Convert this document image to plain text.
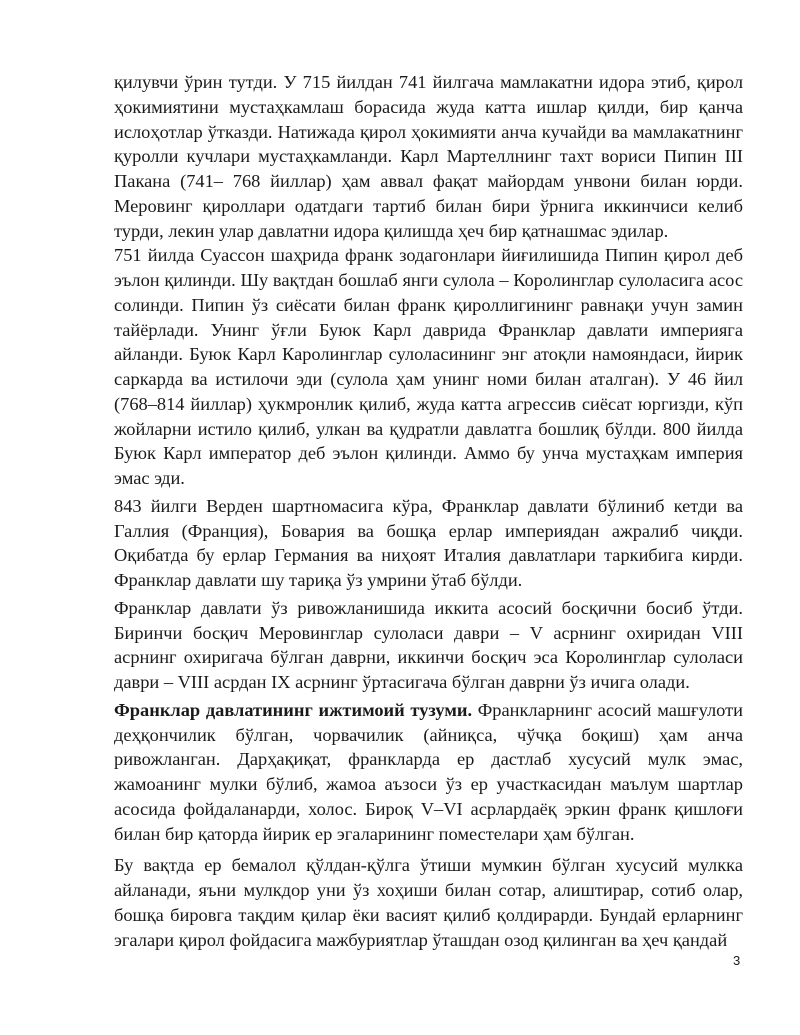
қилувчи ўрин тутди. У 715 йилдан 741 йилгача мамлакатни идора этиб, қирол ҳокимиятини мустаҳкамлаш борасида жуда катта ишлар қилди, бир қанча ислоҳотлар ўтказди. Натижада қирол ҳокимияти анча кучайди ва мамлакатнинг қуролли кучлари мустаҳкамланди. Карл Мартеллнинг тахт вориси Пипин III Пакана (741– 768 йиллар) ҳам аввал фақат майордам унвони билан юрди. Меровинг қироллари одатдаги тартиб билан бири ўрнига иккинчиси келиб турди, лекин улар давлатни идора қилишда ҳеч бир қатнашмас эдилар.

751 йилда Суассон шаҳрида франк зодагонлари йиғилишида Пипин қирол деб эълон қилинди. Шу вақтдан бошлаб янги сулола – Королинглар сулоласига асос солинди. Пипин ўз сиёсати билан франк қироллигининг равнақи учун замин тайёрлади. Унинг ўғли Буюк Карл даврида Франклар давлати империяга айланди. Буюк Карл Каролинглар сулоласининг энг атоқли намояндаси, йирик саркарда ва истилочи эди (сулола ҳам унинг номи билан аталган). У 46 йил (768–814 йиллар) ҳукмронлик қилиб, жуда катта агрессив сиёсат юргизди, кўп жойларни истило қилиб, улкан ва қудратли давлатга бошлиқ бўлди. 800 йилда Буюк Карл император деб эълон қилинди. Аммо бу унча мустаҳкам империя эмас эди.

843 йилги Верден шартномасига кўра, Франклар давлати бўлиниб кетди ва Галлия (Франция), Бовария ва бошқа ерлар империядан ажралиб чиқди. Оқибатда бу ерлар Германия ва ниҳоят Италия давлатлари таркибига кирди. Франклар давлати шу тариқа ўз умрини ўтаб бўлди.

Франклар давлати ўз ривожланишида иккита асосий босқични босиб ўтди. Биринчи босқич Меровинглар сулоласи даври – V асрнинг охиридан VIII асрнинг охиригача бўлган даврни, иккинчи босқич эса Королинглар сулоласи даври – VIII асрдан IX асрнинг ўртасигача бўлган даврни ўз ичига олади.

Франклар давлатининг ижтимоий тузуми. Франкларнинг асосий машғулоти деҳқончилик бўлган, чорвачилик (айниқса, чўчқа боқиш) ҳам анча ривожланган. Дарҳақиқат, франкларда ер дастлаб хусусий мулк эмас, жамоанинг мулки бўлиб, жамоа аъзоси ўз ер участкасидан маълум шартлар асосида фойдаланарди, холос. Бироқ V–VI асрлардаёқ эркин франк қишлоғи билан бир қаторда йирик ер эгаларининг поместелари ҳам бўлган.

Бу вақтда ер бемалол қўлдан-қўлга ўтиши мумкин бўлган хусусий мулкка айланади, яъни мулкдор уни ўз хоҳиши билан сотар, алиштирар, сотиб олар, бошқа бировга тақдим қилар ёки васият қилиб қолдирарди. Бундай ерларнинг эгалари қирол фойдасига мажбуриятлар ўташдан озод қилинган ва ҳеч қандай

3
